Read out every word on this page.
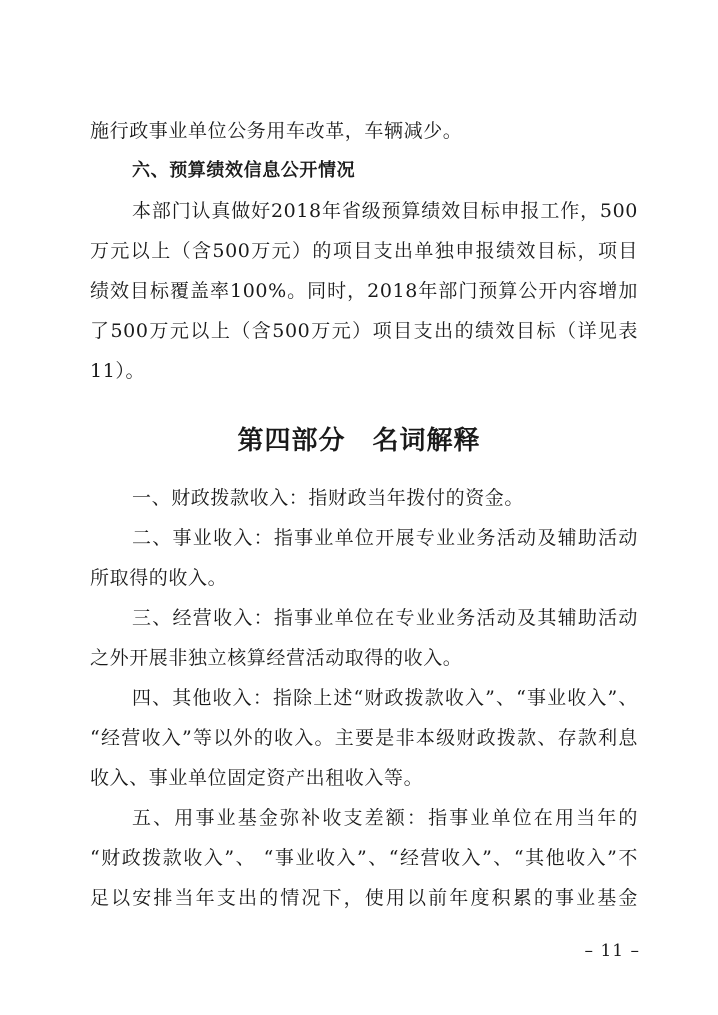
施行政事业单位公务用车改革，车辆减少。
六、预算绩效信息公开情况
本部门认真做好2018年省级预算绩效目标申报工作，500
万元以上（含500万元）的项目支出单独申报绩效目标，项目
绩效目标覆盖率100%。同时，2018年部门预算公开内容增加
了500万元以上（含500万元）项目支出的绩效目标（详见表
11）。
第四部分　名词解释
一、财政拨款收入：指财政当年拨付的资金。
二、事业收入：指事业单位开展专业业务活动及辅助活动
所取得的收入。
三、经营收入：指事业单位在专业业务活动及其辅助活动
之外开展非独立核算经营活动取得的收入。
四、其他收入：指除上述“财政拨款收入”、“事业收入”、
“经营收入”等以外的收入。主要是非本级财政拨款、存款利息
收入、事业单位固定资产出租收入等。
五、用事业基金弥补收支差额：指事业单位在用当年的
“财政拨款收入”、 “事业收入”、“经营收入”、“其他收入”不
足以安排当年支出的情况下，使用以前年度积累的事业基金
– 11 –
